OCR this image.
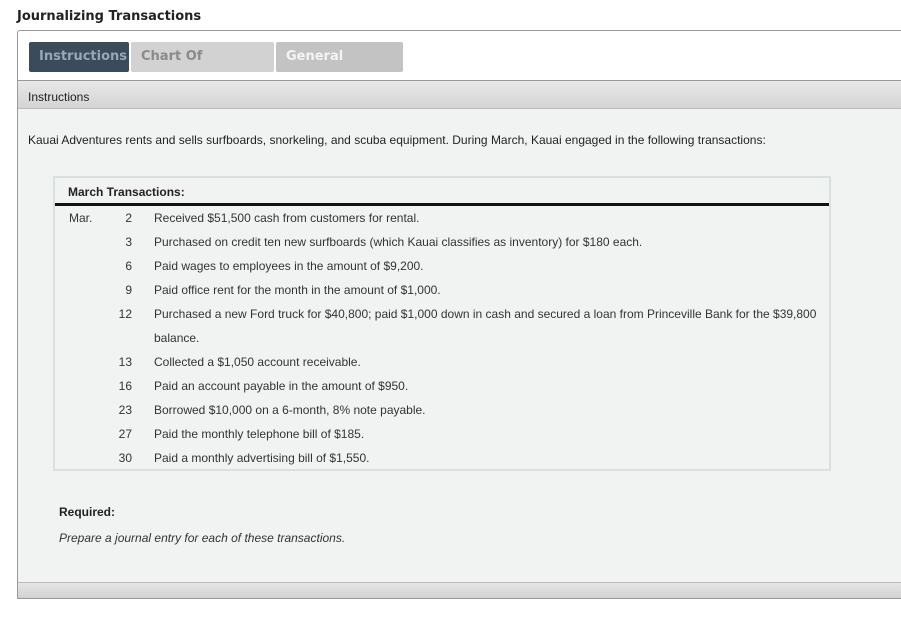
Journalizing Transactions
Instructions	Chart Of	General
Instructions
Kauai Adventures rents and sells surfboards, snorkeling, and scuba equipment. During March, Kauai engaged in the following transactions:
March Transactions:
Mar.	2 Received $51,500 cash from customers for rental.
3 Purchased on credit ten new surfboards (which Kauai classifies as inventory) for $180 each.
6 Paid wages to employees in the amount of $9,200.
9 Paid office rent for the month in the amount of $1,000.
12 Purchased a new Ford truck for $40,800; paid $1,000 down in cash and secured a loan from Princeville Bank for the $39,800
balance.
13 Collected a $1,050 account receivable.
16 Paid an account payable in the amount of $950.
23 Borrowed $10,000 on a 6-month, 8% note payable.
27 Paid the monthly telephone bill of $185.
30 Paid a monthly advertising bill of $1,550.
Required:
Prepare a journal entry for each of these transactions.
